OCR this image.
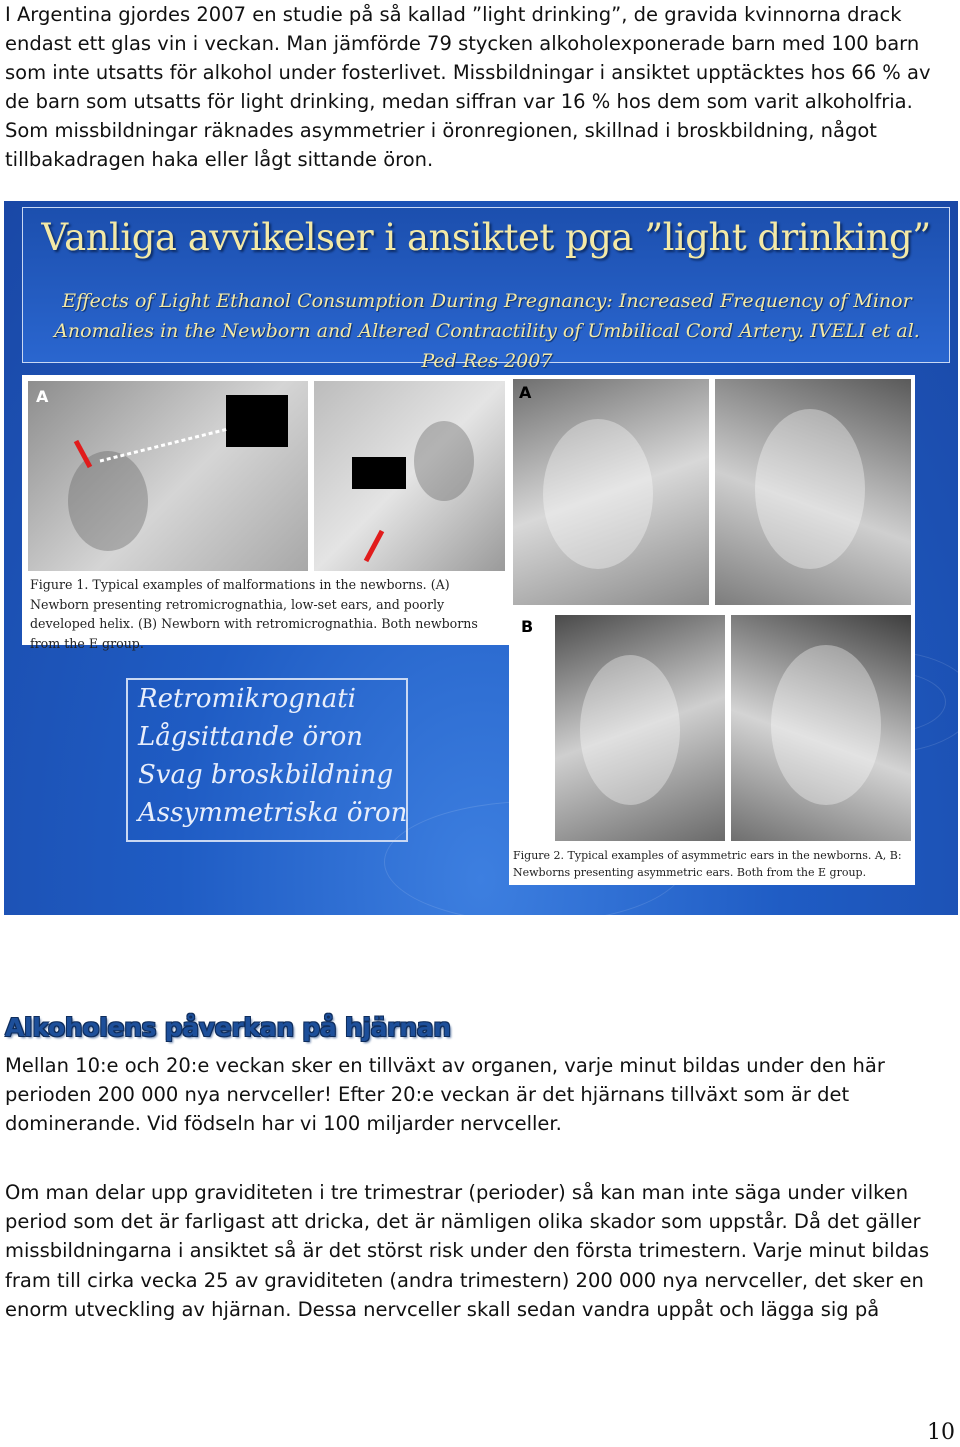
I Argentina gjordes 2007 en studie på så kallad ”light drinking”, de gravida kvinnorna drack endast ett glas vin i veckan. Man jämförde 79 stycken alkoholexponerade barn med 100 barn som inte utsatts för alkohol under fosterlivet. Missbildningar i ansiktet upptäcktes hos 66 % av de barn som utsatts för light drinking, medan siffran var 16 % hos dem som varit alkoholfria. Som missbildningar räknades asymmetrier i öronregionen, skillnad i broskbildning, något tillbakadragen haka eller lågt sittande öron.

Vanliga avvikelser i ansiktet pga ”light drinking”
Effects of Light Ethanol Consumption During Pregnancy: Increased Frequency of Minor Anomalies in the Newborn and Altered Contractility of Umbilical Cord Artery. IVELI et al. Ped Res 2007
A
Figure 1. Typical examples of malformations in the newborns. (A) Newborn presenting retromicrognathia, low-set ears, and poorly developed helix. (B) Newborn with retromicrognathia. Both newborns from the E group.
A
B
Figure 2. Typical examples of asymmetric ears in the newborns. A, B: Newborns presenting asymmetric ears. Both from the E group.
Retromikrognati
Lågsittande öron
Svag broskbildning
Assymmetriska öron
Alkoholens påverkan på hjärnan

Mellan 10:e och 20:e veckan sker en tillväxt av organen, varje minut bildas under den här perioden 200 000 nya nervceller! Efter 20:e veckan är det hjärnans tillväxt som är det dominerande. Vid födseln har vi 100 miljarder nervceller.

Om man delar upp graviditeten i tre trimestrar (perioder) så kan man inte säga under vilken period som det är farligast att dricka, det är nämligen olika skador som uppstår. Då det gäller missbildningarna i ansiktet så är det störst risk under den första trimestern. Varje minut bildas fram till cirka vecka 25 av graviditeten (andra trimestern) 200 000 nya nervceller, det sker en enorm utveckling av hjärnan. Dessa nervceller skall sedan vandra uppåt och lägga sig på

10
